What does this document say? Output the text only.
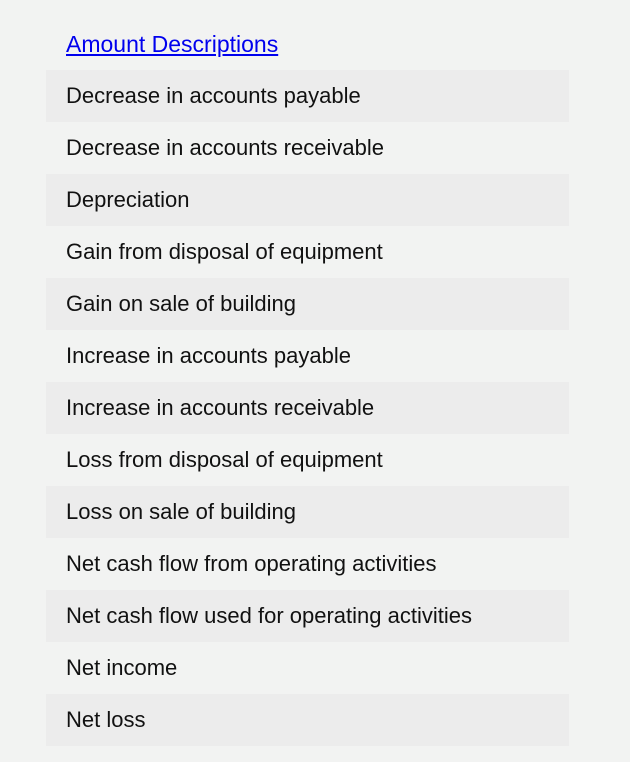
Amount Descriptions
Decrease in accounts payable
Decrease in accounts receivable
Depreciation
Gain from disposal of equipment
Gain on sale of building
Increase in accounts payable
Increase in accounts receivable
Loss from disposal of equipment
Loss on sale of building
Net cash flow from operating activities
Net cash flow used for operating activities
Net income
Net loss
